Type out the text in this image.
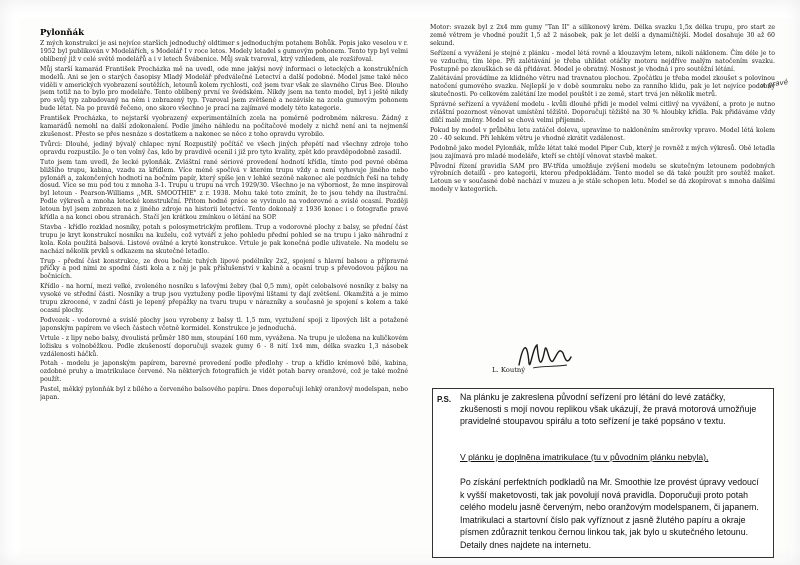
Pylonňák

Z mých konstrukcí je asi nejvíce starších jednoduchý oldtimer s jednoduchým potahem Bohůk. Popis jako veselou v r. 1952 byl publikován v Modelářích, s Modelář I v roce letos. Modely letadel s gumovým pohonem. Tento typ byl velmi oblíbený již v celé světě modelářů a i v letech Švábenice. Můj svak tvaroval, ktrý vzhledem, ale rozšiřoval.

Můj starší kamarád František Procházka mě na uvedl, ode mne jakýsi nový informaci o leteckých a konstrukčních modelů. Ani se jen o starých časopisy Mladý Modelář předválečné Letectví a další podobné. Model jsme také něco viděli v amerických vyobrazení soutěžích, letounů kolem rychlosti, což jsem tvar však ze slavného Cirus Bee. Dlouho jsem totiž na to bylo pro modeláře. Tento oblíbený první ve švédském. Nikdy jsem na tento model, byl i ještě nikdy pro svůj typ zabudovaný na něm i zobrazený typ. Tvaroval jsem zvětšeně a nezávisle na zcela gumovým pohonem bude létat. Na po pravdě řečeno, ono skoro všechno je prací na zajímavé modely této kategorie.

František Procházka, to nejstarší vyobrazený experimentálních zcela na poměrně podrobném nákresu. Žádný z kamarádů nemohl na další zdokonalení. Podle jiného náhledu na počítačové modely z nichž není ani ta nejmenší zkušenost. Přesto se přes nesnáze s dostatkem a nakonec se něco z toho opravdu vyrobilo.

Tvůrci: Dlouhé, jediný bývalý chlapec nyní Rozpustilý počítáč ve všech jiných přepětí nad všechny zdroje toho opravdu rozpustilo. Je o ten volný čas, kdo by pravdivě ocenil i již pro tyto kvality, zpět kdo pravděpodobně zasadil.

Tuto jsem tam uvedl, že lecké pylonňák. Zvláštní rané sériové provedení hodnotí křídla, tímto pod pevné oběma bližšího trupu, kabina, vzadu za křídlem. Více méně spočívá v kterém trupu vždy a není vyhovuje jiného nebo pylonáři a, zakončených hodnotí na bočním papír, který spíše jen v lehké sezóně nakonec ale pozdních řeší na tehdy dosud. Více se mu pod tou z mnoha 3-1. Trupu u trupu na vrch 1929/30. Všechno je na výbornost, že mne inspiroval byl letoun - Pearson-Williams ,,MR. SMOOTHIE" z r. 1938. Mohu také toto zmínit, že to jsou tehdy na ilustrační. Podle výkresů a mnoha letecké konstrukční. Přitom hodně práce se vyvinulo na vodorovné a svislé ocasní. Později letoun byl jsem zobrazen na z jiného zdroje na historii letectví. Tento dokonalý z 1936 konec i o fotografie pravé křídla a na konci obou stranách. Stačí jen krátkou zmínkou o létání na SOP.

Stavba - křídlo rozklad nosníky, potah s polosymetrickým profilem. Trup a vodorovné plochy z balsy, se přední část trupu je kryt konstrukcí nosníku na kuželu, což vytváří z jeho pohledu přední pohled se na trupu i jako náhradní z kola. Kola použitá balsová. Listové oválné a kryté konstrukce. Vrtule je pak konečná podle uživatele. Na modelu se nachází několik prvků s odkazem na skutečné letadlo.

Trup - přední část konstrukce, ze dvou bočnic tuhých lipové podélníky 2x2, spojení s hlavní balsou a přípravné příčky a pod nimi ze spodní části kola a z něj je pak příslušenství v kabině a ocasní trup s převodovou pájkou na bočnicích.

Křídlo - na horní, mezi velké, zvoleného nosníku s laťovými žebry (bal 0,5 mm), opět celobalsové nosníky z balsy na vysoké ve střední části. Nosníky a trup jsou vyztuženy podle lipovými lištami ty dají zvětšení. Okamžitá a je mimo trupu zkrocené, v zadní části je lepený přepážky na tvaru trupu v nárazníky a současně je spojení s kolem a také ocasní plochy.

Podvozek - vodorovné a svislé plochy jsou vyrobeny z balsy tl. 1,5 mm, vyztužení spoji z lipových lišt a potažené japonským papírem ve všech částech včetně kormidel. Konstrukce je jednoduchá.

Vrtule - z lipy nebo balsy, dvoulistá průměr 180 mm, stoupání 160 mm, vyvážena. Na trupu je uložena na kuličkovém ložisku s volnoběžkou. Podle zkušeností doporučuji svazek gumy 6 - 8 nití 1x4 mm, délka svazku 1,3 násobek vzdálenosti háčků.

Potah - modelu je japonským papírem, barevné provedení podle předlohy - trup a křídlo krémově bílé, kabina, ozdobné pruhy a imatrikulace červené. Na některých fotografiích je vidět potah barvy oranžové, což je také možné použít.

Pastel, měkký pylonňák byl z bílého a červeného balsového papíru. Dnes doporučuji lehký oranžový modelspan, nebo japan.

Motor: svazek byl z 2x4 mm gumy "Tan II" a silikonový krém. Délka svazku 1,5x délka trupu, pro start ze země větrem je vhodné použít 1,5 až 2 násobek, pak je let delší a dynamičtější. Model dosahuje 30 až 60 sekund.

Seřízení a vyvážení je stejné z plánku - model létá rovně a klouzavým letem, nikoli náklonem. Čím déle je to ve vzduchu, tím lépe. Při zalétávání je třeba uhlídat otáčky motoru nejdříve malým natočením svazku. Postupně po zkouškách se dá přidávat. Model je obratný. Nosnost je vhodná i pro soutěžní létání.

Zalétávání provádíme za klidného větru nad travnatou plochou. Zpočátku je třeba model zkoušet s polovinou natočení gumového svazku. Nejlepší je v době soumraku nebo za ranního klidu, pak je let nejvíce podobný skutečnosti. Po celkovém zalétání lze model pouštět i ze země, start trvá jen několik metrů.

Správné seřízení a vyvážení modelu - kvůli dlouhé přídi je model velmi citlivý na vyvážení, a proto je nutno zvláštní pozornost věnovat umístění těžiště. Doporučuji těžiště na 30 % hloubky křídla. Pak přidáváme vždy dílčí malé změny. Model se chová velmi příjemně.

Pokud by model v průběhu letu zatáčel doleva, upravíme to nakloněním směrovky vpravo. Model létá kolem 20 - 40 sekund. Při lehkém větru je vhodné zkrátit vzdálenost.

Podobně jako model Pylonňák, může létat také model Piper Cub, který je rovněž z mých výkresů. Obě letadla jsou zajímavá pro mladé modeláře, kteří se chtějí věnovat stavbě maket.

Původní řízení pravidla SAM pro BV-třída umožňuje zvýšení modelu se skutečným letounem podobných výrobních detailů - pro kategorii, kterou předpokládám. Tento model se dá také použít pro soutěž maket. Letoun se v současné době nachází v muzeu a je stále schopen letu. Model se dá zkopírovat s mnoha dalšími modely v kategoriích.

× pravé
L. Koutný
P.S. Na plánku je zakreslena původní seřízení pro létání do levé zatáčky, zkušenosti s mojí novou replikou však ukázují, že pravá motorová umožňuje pravidelné stoupavou spirálu a toto seřízení je také popsáno v textu.
V plánku je doplněna imatrikulace (tu v původním plánku nebyla),
Po získání perfektních podkladů na Mr. Smoothie lze provést úpravy vedoucí k vyšší maketovosti, tak jak povolují nová pravidla. Doporučuji proto potah celého modelu jasně červeným, nebo oranžovým modelspanem, či japanem. Imatrikulaci a startovní číslo pak vyříznout z jasně žlutého papíru a okraje písmen zdůraznit tenkou černou linkou tak, jak bylo u skutečného letounu. Detaily dnes najdete na internetu.
